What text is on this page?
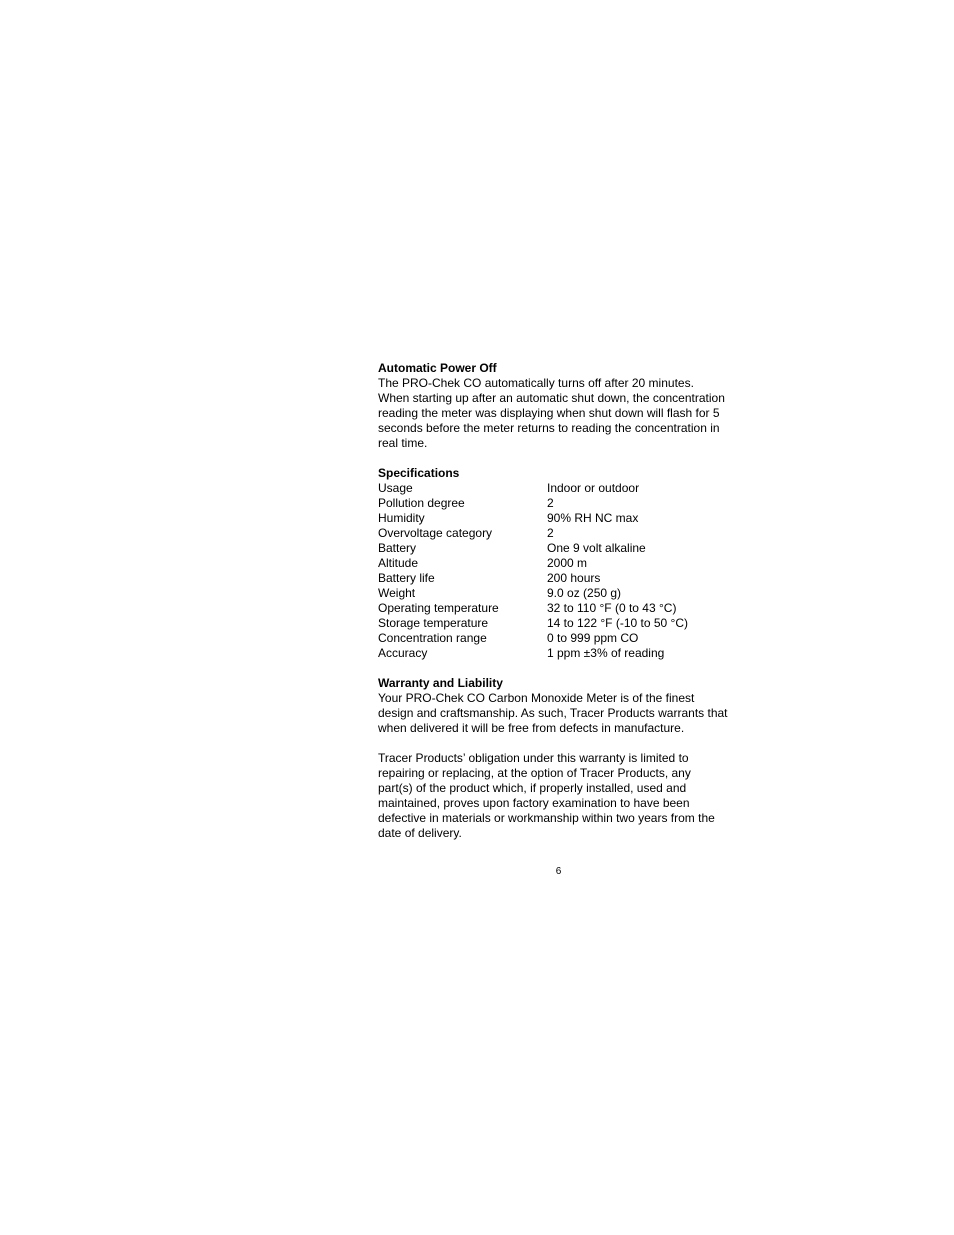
Automatic Power Off
The PRO-Chek CO automatically turns off after 20 minutes.
When starting up after an automatic shut down, the concentration
reading the meter was displaying when shut down will flash for 5
seconds before the meter returns to reading the concentration in
real time.
Specifications
Usage	Indoor or outdoor
Pollution degree	2
Humidity	90% RH NC max
Overvoltage category	2
Battery	One 9 volt alkaline
Altitude	2000 m
Battery life	200 hours
Weight	9.0 oz (250 g)
Operating temperature	32 to 110 °F (0 to 43 °C)
Storage temperature	14 to 122 °F (-10 to 50 °C)
Concentration range	0 to 999 ppm CO
Accuracy	1 ppm ±3% of reading
Warranty and Liability
Your PRO-Chek CO Carbon Monoxide Meter is of the finest
design and craftsmanship. As such, Tracer Products warrants that
when delivered it will be free from defects in manufacture.
Tracer Products’ obligation under this warranty is limited to
repairing or replacing, at the option of Tracer Products, any
part(s) of the product which, if properly installed, used and
maintained, proves upon factory examination to have been
defective in materials or workmanship within two years from the
date of delivery.
6
